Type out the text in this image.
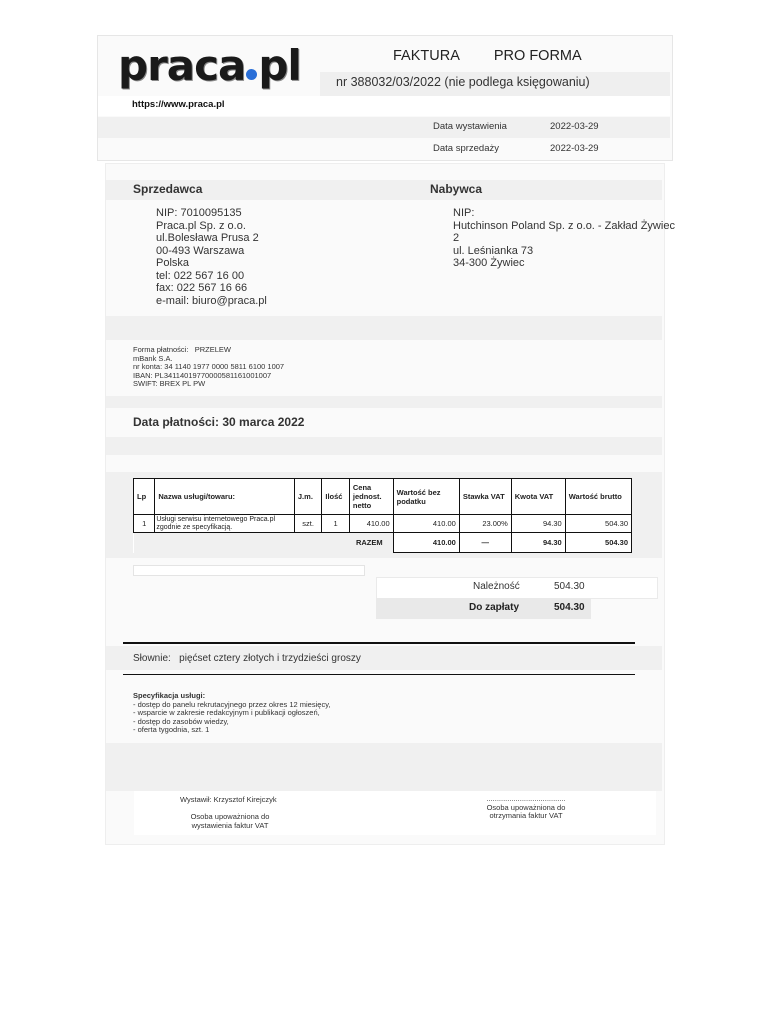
praca pl	FAKTURA PRO FORMA
nr 388032/03/2022 (nie podlega księgowaniu)
https://www.praca.pl
Data wystawienia	2022-03-29
Data sprzedaży	2022-03-29
Sprzedawca	Nabywca
NIP: 7010095135
Praca.pl Sp. z o.o.
ul.Bolesława Prusa 2
00-493 Warszawa
Polska
tel: 022 567 16 00
fax: 022 567 16 66
e-mail: biuro@praca.pl
NIP:
Hutchinson Poland Sp. z o.o. - Zakład Żywiec
2
ul. Leśnianka 73
34-300 Żywiec
Forma płatności: PRZELEW
mBank S.A.
nr konta: 34 1140 1977 0000 5811 6100 1007
IBAN: PL34114019770000581161001007
SWIFT: BREX PL PW
Data płatności: 30 marca 2022
Lp	Nazwa usługi/towaru:	J.m.	Ilość	Cena jednost. netto	Wartość bez podatku	Stawka VAT	Kwota VAT	Wartość brutto
1	Usługi serwisu internetowego Praca.pl zgodnie ze specyfikacją.	szt.	1	410.00	410.00	23.00%	94.30	504.30
RAZEM					410.00	—	94.30	504.30
Należność	504.30
Do zapłaty	504.30
Słownie: pięćset cztery złotych i trzydzieści groszy
Specyfikacja usługi:
- dostęp do panelu rekrutacyjnego przez okres 12 miesięcy,
- wsparcie w zakresie redakcyjnym i publikacji ogłoszeń,
- dostęp do zasobów wiedzy,
- oferta tygodnia, szt. 1
Wystawił: Krzysztof Kirejczyk
Osoba upoważniona do
wystawienia faktur VAT
......................................
Osoba upoważniona do
otrzymania faktur VAT
